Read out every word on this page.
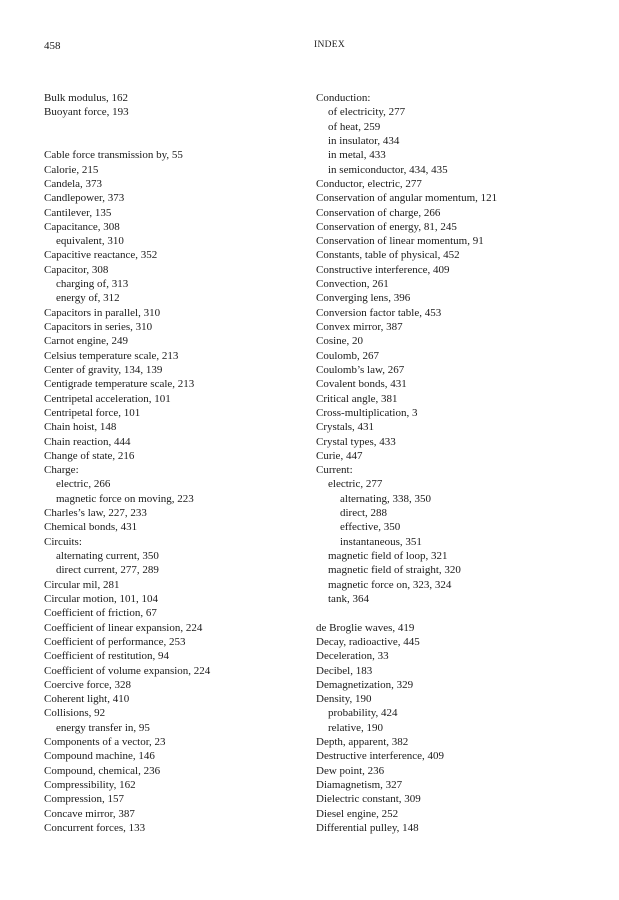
458	INDEX
Bulk modulus, 162
Buoyant force, 193
Cable force transmission by, 55
Calorie, 215
Candela, 373
Candlepower, 373
Cantilever, 135
Capacitance, 308
equivalent, 310
Capacitive reactance, 352
Capacitor, 308
charging of, 313
energy of, 312
Capacitors in parallel, 310
Capacitors in series, 310
Carnot engine, 249
Celsius temperature scale, 213
Center of gravity, 134, 139
Centigrade temperature scale, 213
Centripetal acceleration, 101
Centripetal force, 101
Chain hoist, 148
Chain reaction, 444
Change of state, 216
Charge:
electric, 266
magnetic force on moving, 223
Charles’s law, 227, 233
Chemical bonds, 431
Circuits:
alternating current, 350
direct current, 277, 289
Circular mil, 281
Circular motion, 101, 104
Coefficient of friction, 67
Coefficient of linear expansion, 224
Coefficient of performance, 253
Coefficient of restitution, 94
Coefficient of volume expansion, 224
Coercive force, 328
Coherent light, 410
Collisions, 92
energy transfer in, 95
Components of a vector, 23
Compound machine, 146
Compound, chemical, 236
Compressibility, 162
Compression, 157
Concave mirror, 387
Concurrent forces, 133
Conduction:
of electricity, 277
of heat, 259
in insulator, 434
in metal, 433
in semiconductor, 434, 435
Conductor, electric, 277
Conservation of angular momentum, 121
Conservation of charge, 266
Conservation of energy, 81, 245
Conservation of linear momentum, 91
Constants, table of physical, 452
Constructive interference, 409
Convection, 261
Converging lens, 396
Conversion factor table, 453
Convex mirror, 387
Cosine, 20
Coulomb, 267
Coulomb’s law, 267
Covalent bonds, 431
Critical angle, 381
Cross-multiplication, 3
Crystals, 431
Crystal types, 433
Curie, 447
Current:
electric, 277
alternating, 338, 350
direct, 288
effective, 350
instantaneous, 351
magnetic field of loop, 321
magnetic field of straight, 320
magnetic force on, 323, 324
tank, 364
de Broglie waves, 419
Decay, radioactive, 445
Deceleration, 33
Decibel, 183
Demagnetization, 329
Density, 190
probability, 424
relative, 190
Depth, apparent, 382
Destructive interference, 409
Dew point, 236
Diamagnetism, 327
Dielectric constant, 309
Diesel engine, 252
Differential pulley, 148
